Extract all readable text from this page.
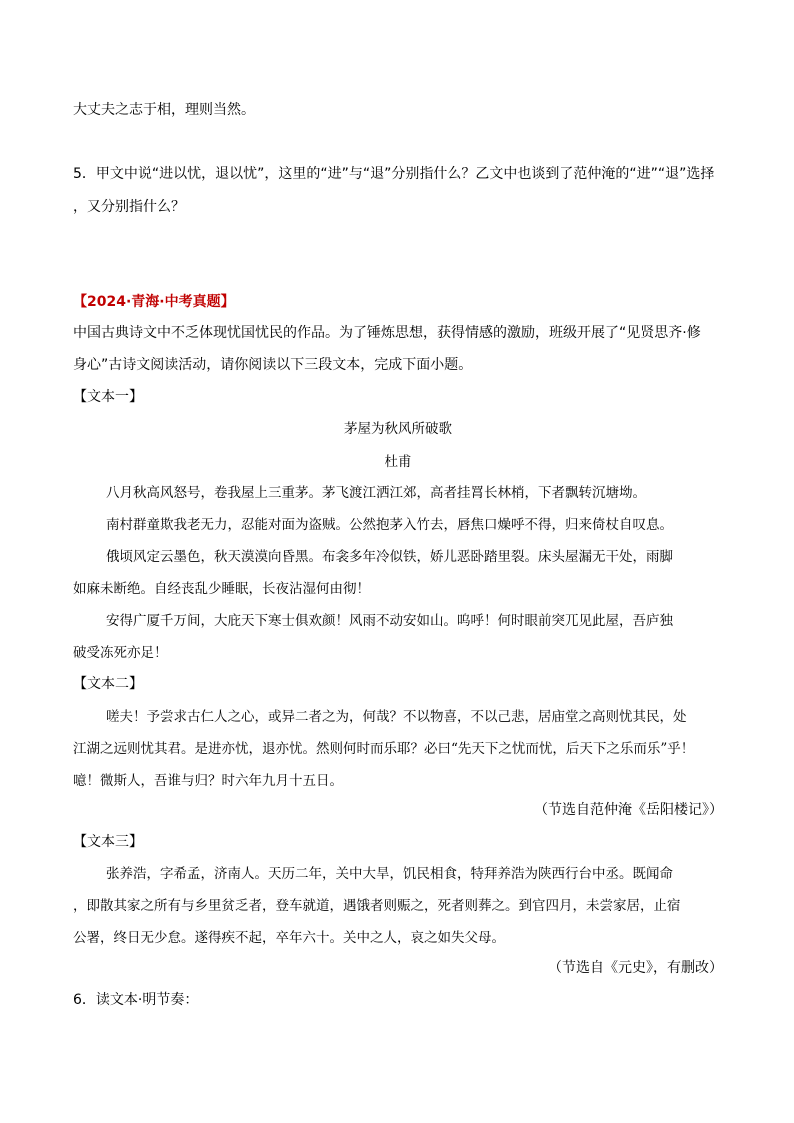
大丈夫之志于相，理则当然。
5．甲文中说“进以忧，退以忧”，这里的“进”与“退”分别指什么？乙文中也谈到了范仲淹的“进”“退”选择
，又分别指什么？
【2024·青海·中考真题】
中国古典诗文中不乏体现忧国忧民的作品。为了锤炼思想，获得情感的激励，班级开展了“见贤思齐·修
身心”古诗文阅读活动，请你阅读以下三段文本，完成下面小题。
【文本一】
茅屋为秋风所破歌
杜甫
八月秋高风怒号，卷我屋上三重茅。茅飞渡江洒江郊，高者挂罥长林梢，下者飘转沉塘坳。
南村群童欺我老无力，忍能对面为盗贼。公然抱茅入竹去，唇焦口燥呼不得，归来倚杖自叹息。
俄顷风定云墨色，秋天漠漠向昏黑。布衾多年冷似铁，娇儿恶卧踏里裂。床头屋漏无干处，雨脚
如麻未断绝。自经丧乱少睡眠，长夜沾湿何由彻！
安得广厦千万间，大庇天下寒士俱欢颜！风雨不动安如山。呜呼！何时眼前突兀见此屋，吾庐独
破受冻死亦足！
【文本二】
嗟夫！予尝求古仁人之心，或异二者之为，何哉？不以物喜，不以己悲，居庙堂之高则忧其民，处
江湖之远则忧其君。是进亦忧，退亦忧。然则何时而乐耶？必曰“先天下之忧而忧，后天下之乐而乐”乎！
噫！微斯人，吾谁与归？时六年九月十五日。
（节选自范仲淹《岳阳楼记》）
【文本三】
张养浩，字希孟，济南人。天历二年，关中大旱，饥民相食，特拜养浩为陕西行台中丞。既闻命
，即散其家之所有与乡里贫乏者，登车就道，遇饿者则赈之，死者则葬之。到官四月，未尝家居，止宿
公署，终日无少怠。遂得疾不起，卒年六十。关中之人，哀之如失父母。
（节选自《元史》，有删改）
6．读文本·明节奏：
